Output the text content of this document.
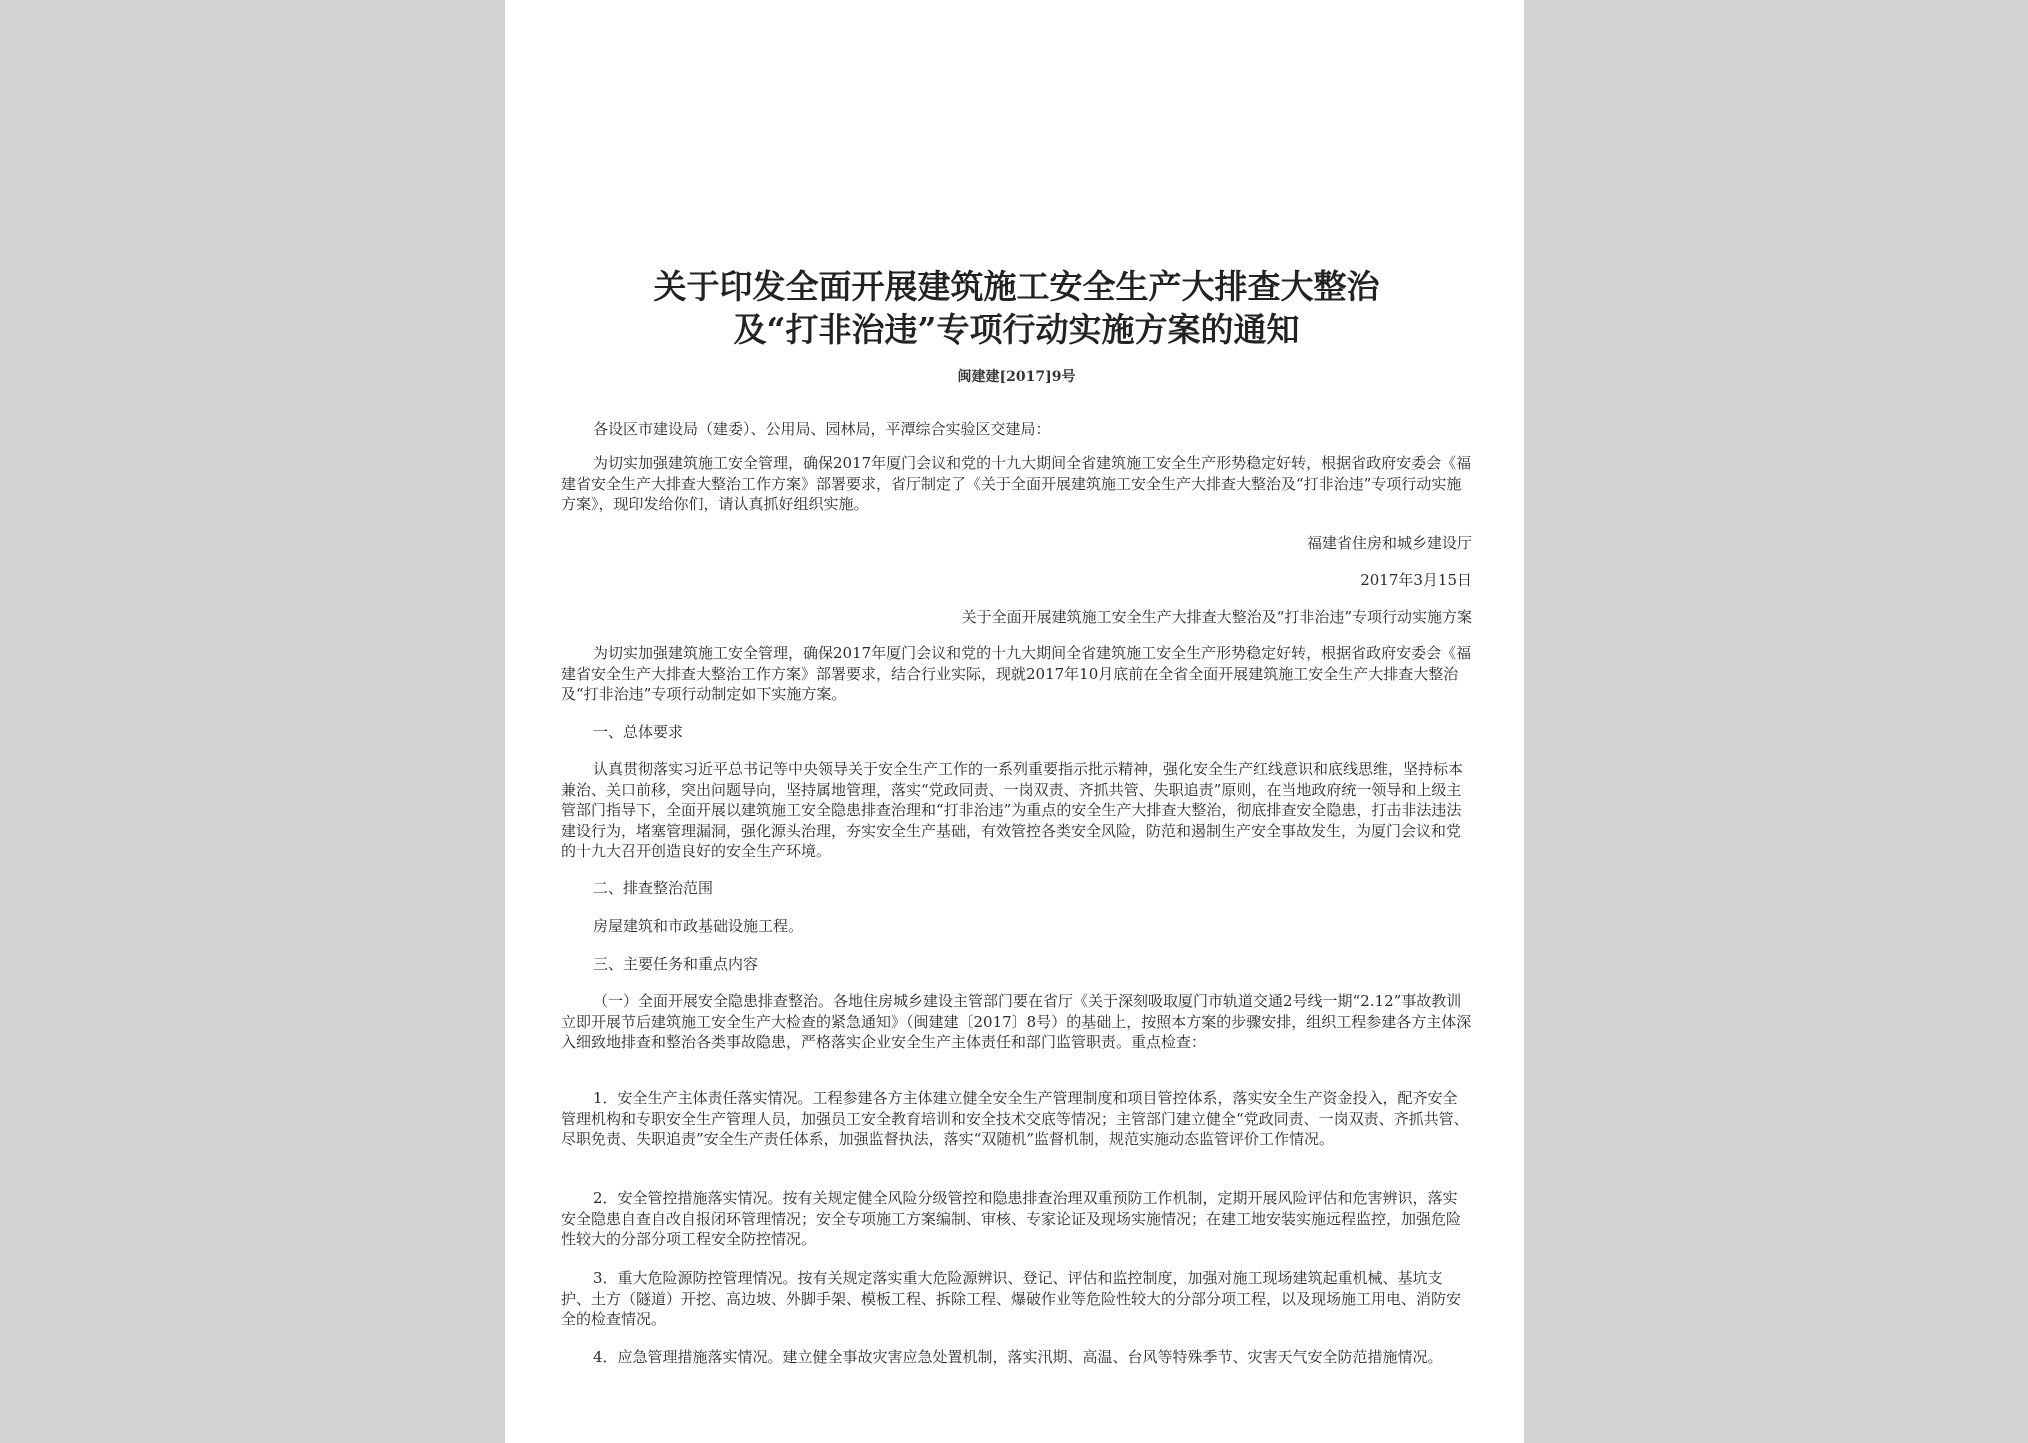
关于印发全面开展建筑施工安全生产大排查大整治
及“打非治违”专项行动实施方案的通知
闽建建[2017]9号

各设区市建设局（建委）、公用局、园林局，平潭综合实验区交建局：

为切实加强建筑施工安全管理，确保2017年厦门会议和党的十九大期间全省建筑施工安全生产形势稳定好转，根据省政府安委会《福建省安全生产大排查大整治工作方案》部署要求，省厅制定了《关于全面开展建筑施工安全生产大排查大整治及“打非治违”专项行动实施方案》，现印发给你们，请认真抓好组织实施。

福建省住房和城乡建设厅

2017年3月15日

关于全面开展建筑施工安全生产大排查大整治及“打非治违”专项行动实施方案

为切实加强建筑施工安全管理，确保2017年厦门会议和党的十九大期间全省建筑施工安全生产形势稳定好转，根据省政府安委会《福建省安全生产大排查大整治工作方案》部署要求，结合行业实际，现就2017年10月底前在全省全面开展建筑施工安全生产大排查大整治及“打非治违”专项行动制定如下实施方案。

一、总体要求

认真贯彻落实习近平总书记等中央领导关于安全生产工作的一系列重要指示批示精神，强化安全生产红线意识和底线思维，坚持标本兼治、关口前移，突出问题导向，坚持属地管理，落实“党政同责、一岗双责、齐抓共管、失职追责”原则，在当地政府统一领导和上级主管部门指导下，全面开展以建筑施工安全隐患排查治理和“打非治违”为重点的安全生产大排查大整治，彻底排查安全隐患，打击非法违法建设行为，堵塞管理漏洞，强化源头治理，夯实安全生产基础，有效管控各类安全风险，防范和遏制生产安全事故发生，为厦门会议和党的十九大召开创造良好的安全生产环境。

二、排查整治范围

房屋建筑和市政基础设施工程。

三、主要任务和重点内容

（一）全面开展安全隐患排查整治。各地住房城乡建设主管部门要在省厅《关于深刻吸取厦门市轨道交通2号线一期“2.12”事故教训立即开展节后建筑施工安全生产大检查的紧急通知》（闽建建〔2017〕8号）的基础上，按照本方案的步骤安排，组织工程参建各方主体深入细致地排查和整治各类事故隐患，严格落实企业安全生产主体责任和部门监管职责。重点检查：

1．安全生产主体责任落实情况。工程参建各方主体建立健全安全生产管理制度和项目管控体系，落实安全生产资金投入，配齐安全管理机构和专职安全生产管理人员，加强员工安全教育培训和安全技术交底等情况；主管部门建立健全“党政同责、一岗双责、齐抓共管、尽职免责、失职追责”安全生产责任体系，加强监督执法，落实“双随机”监督机制，规范实施动态监管评价工作情况。

2．安全管控措施落实情况。按有关规定健全风险分级管控和隐患排查治理双重预防工作机制，定期开展风险评估和危害辨识，落实安全隐患自查自改自报闭环管理情况；安全专项施工方案编制、审核、专家论证及现场实施情况；在建工地安装实施远程监控，加强危险性较大的分部分项工程安全防控情况。

3．重大危险源防控管理情况。按有关规定落实重大危险源辨识、登记、评估和监控制度，加强对施工现场建筑起重机械、基坑支护、土方（隧道）开挖、高边坡、外脚手架、模板工程、拆除工程、爆破作业等危险性较大的分部分项工程，以及现场施工用电、消防安全的检查情况。

4．应急管理措施落实情况。建立健全事故灾害应急处置机制，落实汛期、高温、台风等特殊季节、灾害天气安全防范措施情况。
